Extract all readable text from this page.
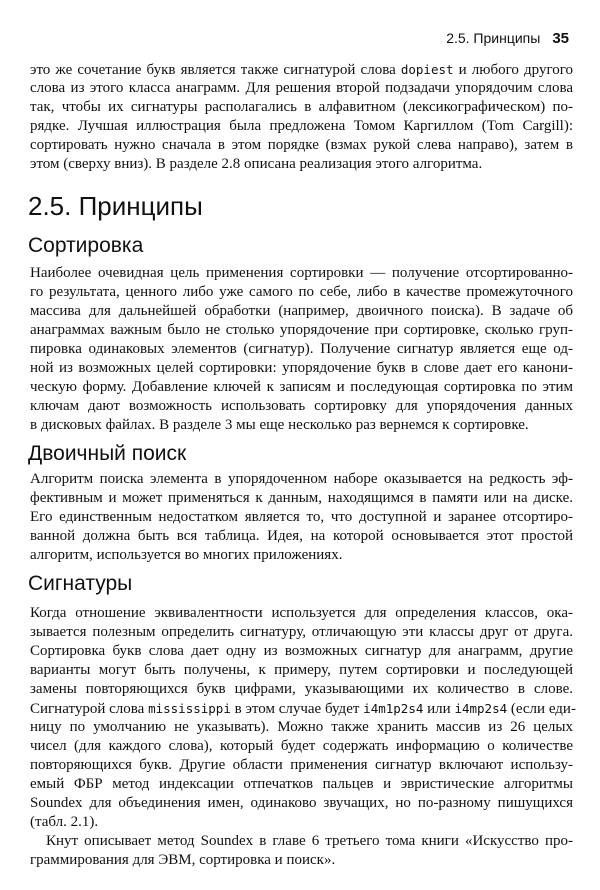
2.5. Принципы 35
это же сочетание букв является также сигнатурой слова dopiest и любого другого
слова из этого класса анаграмм. Для решения второй подзадачи упорядочим слова
так, чтобы их сигнатуры располагались в алфавитном (лексикографическом) по-
рядке. Лучшая иллюстрация была предложена Томом Каргиллом (Tom Cargill):
сортировать нужно сначала в этом порядке (взмах рукой слева направо), затем в
этом (сверху вниз). В разделе 2.8 описана реализация этого алгоритма.
2.5. Принципы
Сортировка
Наиболее очевидная цель применения сортировки — получение отсортированно-
го результата, ценного либо уже самого по себе, либо в качестве промежуточного
массива для дальнейшей обработки (например, двоичного поиска). В задаче об
анаграммах важным было не столько упорядочение при сортировке, сколько груп-
пировка одинаковых элементов (сигнатур). Получение сигнатур является еще од-
ной из возможных целей сортировки: упорядочение букв в слове дает его канони-
ческую форму. Добавление ключей к записям и последующая сортировка по этим
ключам дают возможность использовать сортировку для упорядочения данных
в дисковых файлах. В разделе 3 мы еще несколько раз вернемся к сортировке.
Двоичный поиск
Алгоритм поиска элемента в упорядоченном наборе оказывается на редкость эф-
фективным и может применяться к данным, находящимся в памяти или на диске.
Его единственным недостатком является то, что доступной и заранее отсортиро-
ванной должна быть вся таблица. Идея, на которой основывается этот простой
алгоритм, используется во многих приложениях.
Сигнатуры
Когда отношение эквивалентности используется для определения классов, ока-
зывается полезным определить сигнатуру, отличающую эти классы друг от друга.
Сортировка букв слова дает одну из возможных сигнатур для анаграмм, другие
варианты могут быть получены, к примеру, путем сортировки и последующей
замены повторяющихся букв цифрами, указывающими их количество в слове.
Сигнатурой слова mississippi в этом случае будет i4m1p2s4 или i4mp2s4 (если еди-
ницу по умолчанию не указывать). Можно также хранить массив из 26 целых
чисел (для каждого слова), который будет содержать информацию о количестве
повторяющихся букв. Другие области применения сигнатур включают использу-
емый ФБР метод индексации отпечатков пальцев и эвристические алгоритмы
Soundex для объединения имен, одинаково звучащих, но по-разному пишущихся
(табл. 2.1).
Кнут описывает метод Soundex в главе 6 третьего тома книги «Искусство про-
граммирования для ЭВМ, сортировка и поиск».
